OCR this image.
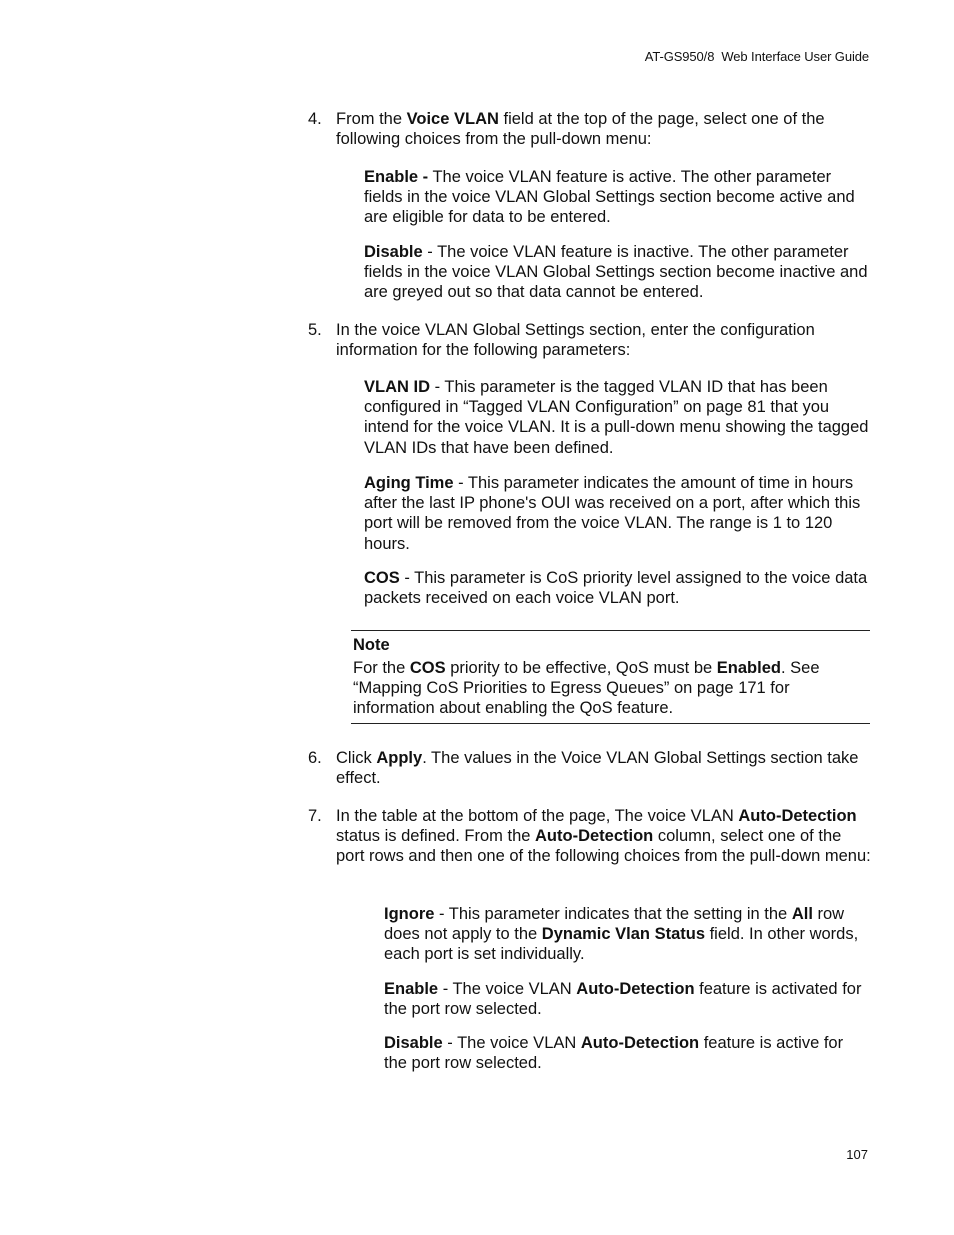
AT-GS950/8  Web Interface User Guide
4. From the Voice VLAN field at the top of the page, select one of the following choices from the pull-down menu:

Enable - The voice VLAN feature is active. The other parameter fields in the voice VLAN Global Settings section become active and are eligible for data to be entered.

Disable - The voice VLAN feature is inactive. The other parameter fields in the voice VLAN Global Settings section become inactive and are greyed out so that data cannot be entered.

5. In the voice VLAN Global Settings section, enter the configuration information for the following parameters:

VLAN ID - This parameter is the tagged VLAN ID that has been configured in “Tagged VLAN Configuration” on page 81 that you intend for the voice VLAN. It is a pull-down menu showing the tagged VLAN IDs that have been defined.

Aging Time - This parameter indicates the amount of time in hours after the last IP phone's OUI was received on a port, after which this port will be removed from the voice VLAN. The range is 1 to 120 hours.

COS - This parameter is CoS priority level assigned to the voice data packets received on each voice VLAN port.

Note

For the COS priority to be effective, QoS must be Enabled. See “Mapping CoS Priorities to Egress Queues” on page 171 for information about enabling the QoS feature.

6. Click Apply. The values in the Voice VLAN Global Settings section take effect.

7. In the table at the bottom of the page, The voice VLAN Auto-Detection status is defined. From the Auto-Detection column, select one of the port rows and then one of the following choices from the pull-down menu:

Ignore - This parameter indicates that the setting in the All row does not apply to the Dynamic Vlan Status field. In other words, each port is set individually.

Enable - The voice VLAN Auto-Detection feature is activated for the port row selected.

Disable - The voice VLAN Auto-Detection feature is active for the port row selected.

107
